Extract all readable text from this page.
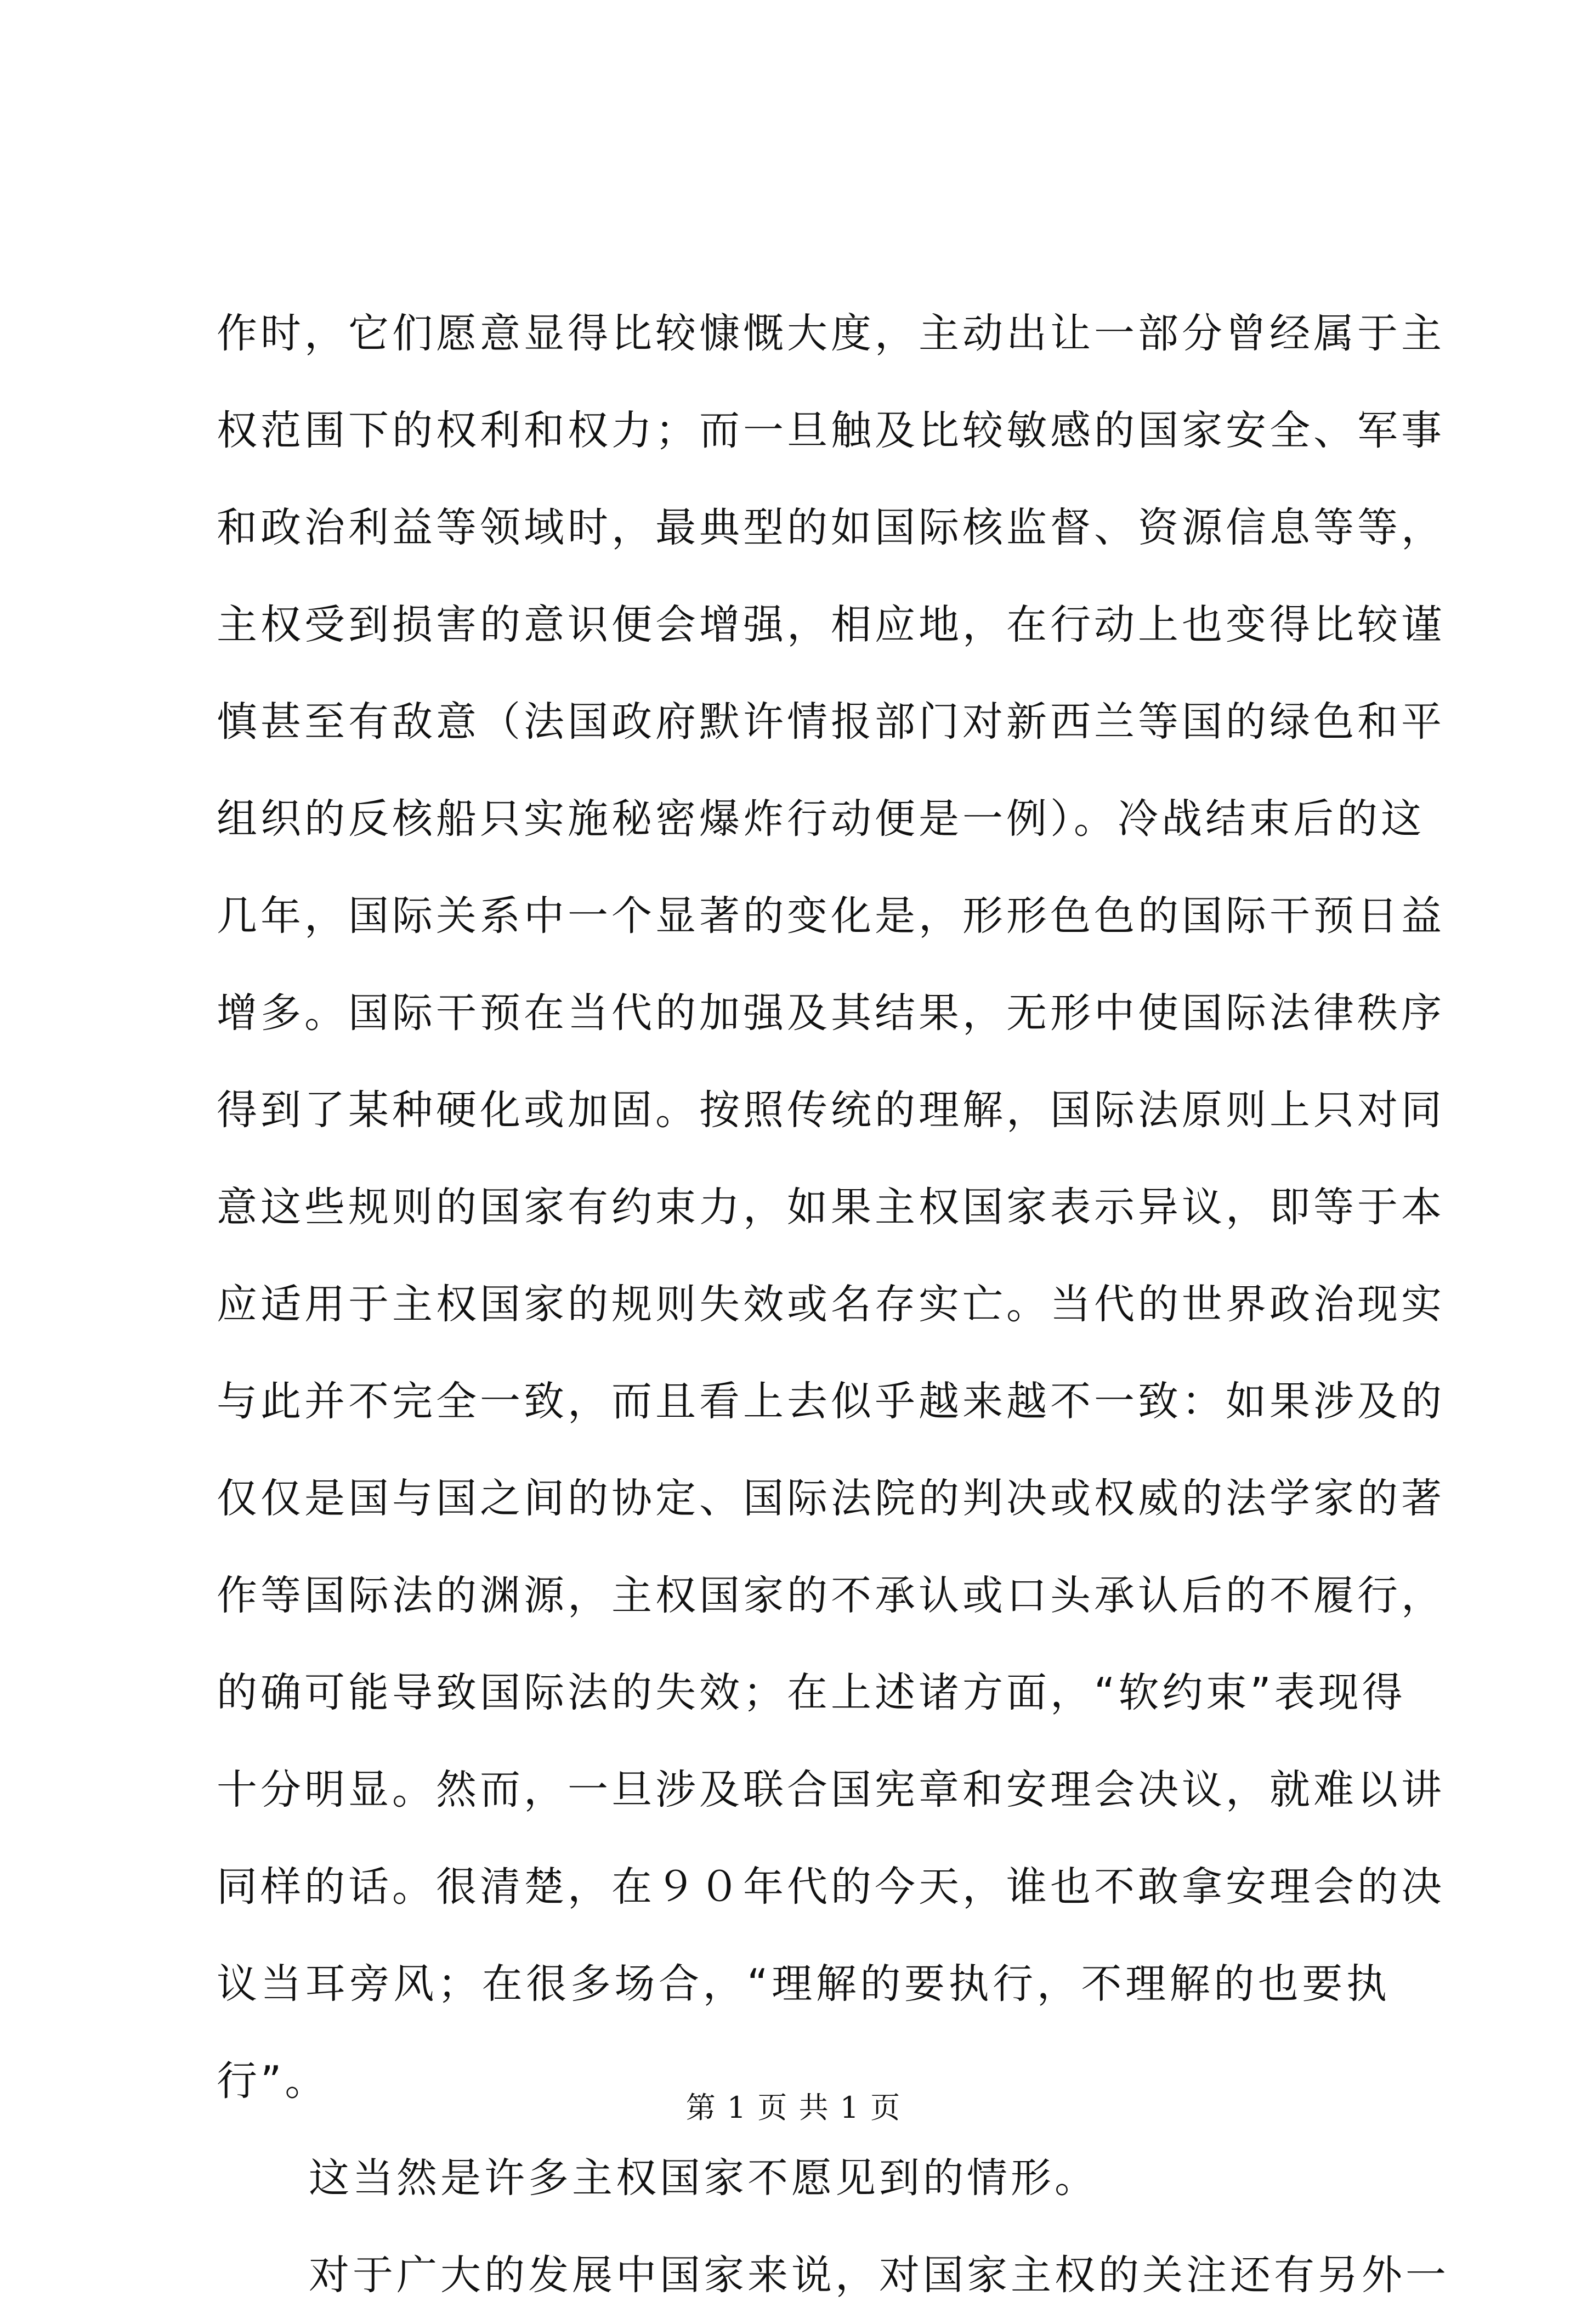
作时，它们愿意显得比较慷慨大度，主动出让一部分曾经属于主
权范围下的权利和权力；而一旦触及比较敏感的国家安全、军事
和政治利益等领域时，最典型的如国际核监督、资源信息等等，
主权受到损害的意识便会增强，相应地，在行动上也变得比较谨
慎甚至有敌意（法国政府默许情报部门对新西兰等国的绿色和平
组织的反核船只实施秘密爆炸行动便是一例）。冷战结束后的这
几年，国际关系中一个显著的变化是，形形色色的国际干预日益
增多。国际干预在当代的加强及其结果，无形中使国际法律秩序
得到了某种硬化或加固。按照传统的理解，国际法原则上只对同
意这些规则的国家有约束力，如果主权国家表示异议，即等于本
应适用于主权国家的规则失效或名存实亡。当代的世界政治现实
与此并不完全一致，而且看上去似乎越来越不一致：如果涉及的
仅仅是国与国之间的协定、国际法院的判决或权威的法学家的著
作等国际法的渊源，主权国家的不承认或口头承认后的不履行，
的确可能导致国际法的失效；在上述诸方面，“软约束”表现得
十分明显。然而，一旦涉及联合国宪章和安理会决议，就难以讲
同样的话。很清楚，在９０年代的今天，谁也不敢拿安理会的决
议当耳旁风；在很多场合，“理解的要执行，不理解的也要执
行”。
这当然是许多主权国家不愿见到的情形。
对于广大的发展中国家来说，对国家主权的关注还有另外一
第 1 页 共 1 页
